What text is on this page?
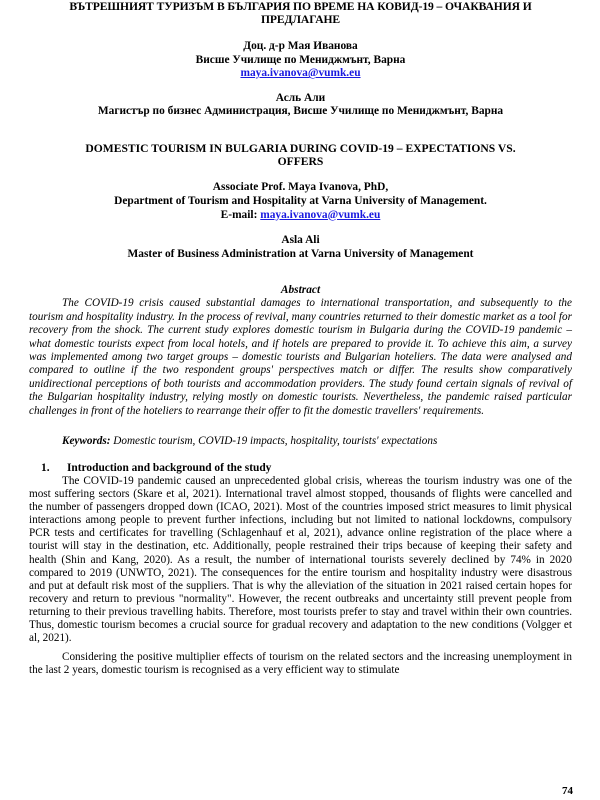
ВЪТРЕШНИЯТ ТУРИЗЪМ В БЪЛГАРИЯ ПО ВРЕМЕ НА КОВИД-19 – ОЧАКВАНИЯ И ПРЕДЛАГАНЕ
Доц. д-р Мая Иванова
Висше Училище по Мениджмънт, Варна
maya.ivanova@vumk.eu
Асль Али
Магистър по бизнес Администрация, Висше Училище по Мениджмънт, Варна
DOMESTIC TOURISM IN BULGARIA DURING COVID-19 – EXPECTATIONS VS. OFFERS
Associate Prof. Maya Ivanova, PhD,
Department of Tourism and Hospitality at Varna University of Management.
E-mail: maya.ivanova@vumk.eu
Asla Ali
Master of Business Administration at Varna University of Management
Abstract

The COVID-19 crisis caused substantial damages to international transportation, and subsequently to the tourism and hospitality industry. In the process of revival, many countries returned to their domestic market as a tool for recovery from the shock. The current study explores domestic tourism in Bulgaria during the COVID-19 pandemic – what domestic tourists expect from local hotels, and if hotels are prepared to provide it. To achieve this aim, a survey was implemented among two target groups – domestic tourists and Bulgarian hoteliers. The data were analysed and compared to outline if the two respondent groups' perspectives match or differ. The results show comparatively unidirectional perceptions of both tourists and accommodation providers. The study found certain signals of revival of the Bulgarian hospitality industry, relying mostly on domestic tourists. Nevertheless, the pandemic raised particular challenges in front of the hoteliers to rearrange their offer to fit the domestic travellers' requirements.

Keywords: Domestic tourism, COVID-19 impacts, hospitality, tourists' expectations

1. Introduction and background of the study

The COVID-19 pandemic caused an unprecedented global crisis, whereas the tourism industry was one of the most suffering sectors (Skare et al, 2021). International travel almost stopped, thousands of flights were cancelled and the number of passengers dropped down (ICAO, 2021). Most of the countries imposed strict measures to limit physical interactions among people to prevent further infections, including but not limited to national lockdowns, compulsory PCR tests and certificates for travelling (Schlagenhauf et al, 2021), advance online registration of the place where a tourist will stay in the destination, etc. Additionally, people restrained their trips because of keeping their safety and health (Shin and Kang, 2020). As a result, the number of international tourists severely declined by 74% in 2020 compared to 2019 (UNWTO, 2021). The consequences for the entire tourism and hospitality industry were disastrous and put at default risk most of the suppliers. That is why the alleviation of the situation in 2021 raised certain hopes for recovery and return to previous "normality". However, the recent outbreaks and uncertainty still prevent people from returning to their previous travelling habits. Therefore, most tourists prefer to stay and travel within their own countries. Thus, domestic tourism becomes a crucial source for gradual recovery and adaptation to the new conditions (Volgger et al, 2021).

Considering the positive multiplier effects of tourism on the related sectors and the increasing unemployment in the last 2 years, domestic tourism is recognised as a very efficient way to stimulate

74
